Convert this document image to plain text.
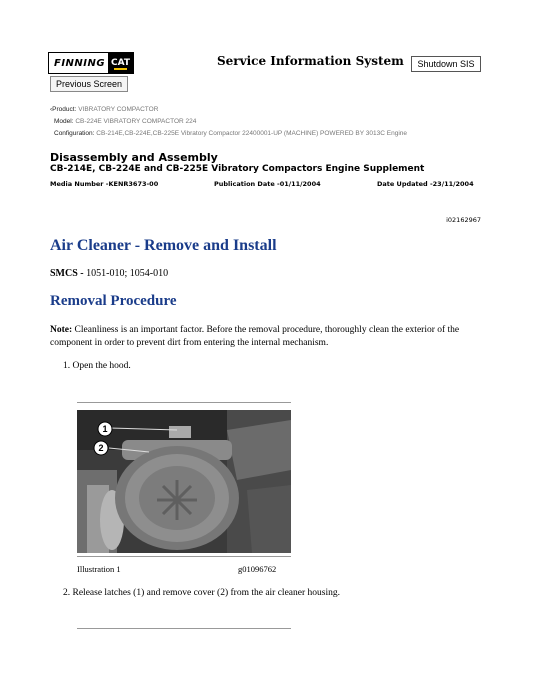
FINNING CAT
Previous Screen
Service Information System	Shutdown SIS
‹Product: VIBRATORY COMPACTOR
Model: CB-224E VIBRATORY COMPACTOR 224
Configuration: CB-214E,CB-224E,CB-225E Vibratory Compactor 22400001-UP (MACHINE) POWERED BY 3013C Engine
Disassembly and Assembly
CB-214E, CB-224E and CB-225E Vibratory Compactors Engine Supplement
Media Number -KENR3673-00	Publication Date -01/11/2004	Date Updated -23/11/2004
i02162967
Air Cleaner - Remove and Install
SMCS - 1051-010; 1054-010
Removal Procedure
Note: Cleanliness is an important factor. Before the removal procedure, thoroughly clean the exterior of the component in order to prevent dirt from entering the internal mechanism.
1. Open the hood.
1
2
Illustration 1	g01096762
2. Release latches (1) and remove cover (2) from the air cleaner housing.
